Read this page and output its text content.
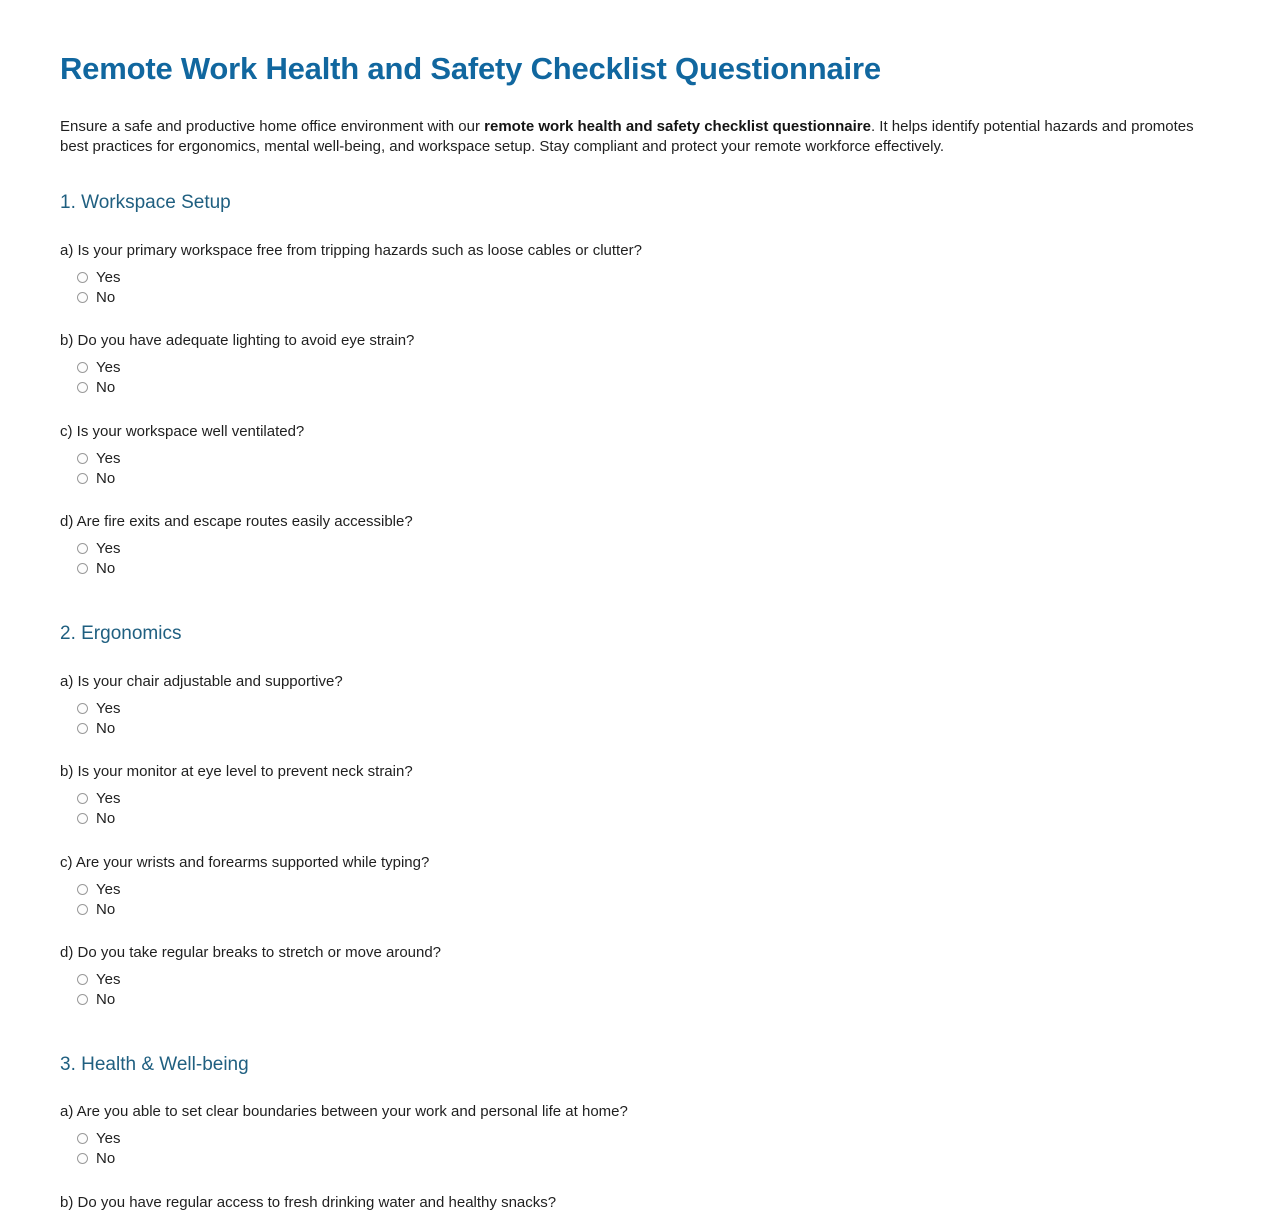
Remote Work Health and Safety Checklist Questionnaire

Ensure a safe and productive home office environment with our remote work health and safety checklist questionnaire. It helps identify potential hazards and promotes best practices for ergonomics, mental well-being, and workspace setup. Stay compliant and protect your remote workforce effectively.

1. Workspace Setup

a) Is your primary workspace free from tripping hazards such as loose cables or clutter?

Yes
No

b) Do you have adequate lighting to avoid eye strain?

Yes
No

c) Is your workspace well ventilated?

Yes
No

d) Are fire exits and escape routes easily accessible?

Yes
No
2. Ergonomics

a) Is your chair adjustable and supportive?

Yes
No

b) Is your monitor at eye level to prevent neck strain?

Yes
No

c) Are your wrists and forearms supported while typing?

Yes
No

d) Do you take regular breaks to stretch or move around?

Yes
No
3. Health & Well-being

a) Are you able to set clear boundaries between your work and personal life at home?

Yes
No

b) Do you have regular access to fresh drinking water and healthy snacks?
